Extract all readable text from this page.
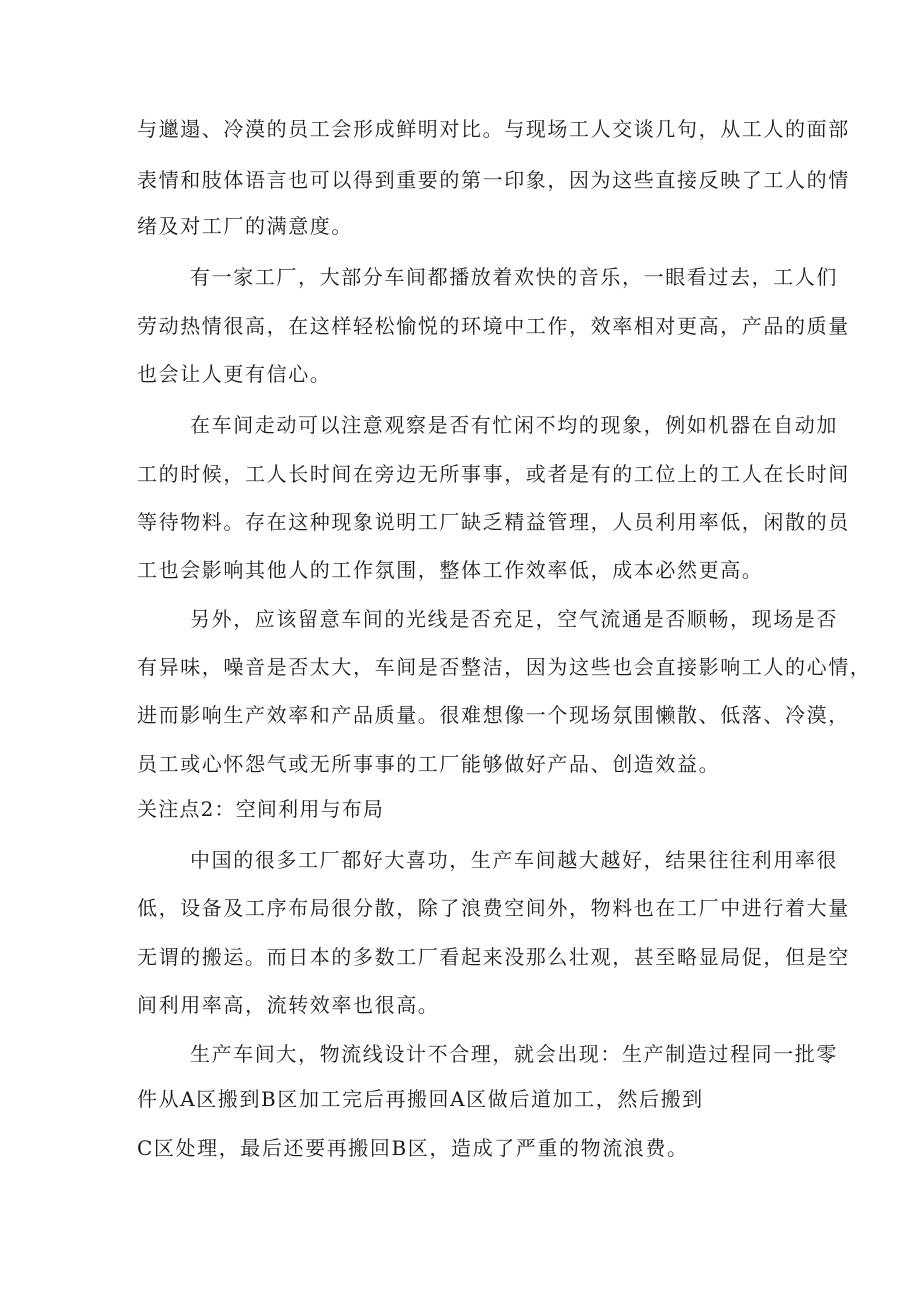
与邋遢、冷漠的员工会形成鲜明对比。与现场工人交谈几句，从工人的面部
表情和肢体语言也可以得到重要的第一印象，因为这些直接反映了工人的情
绪及对工厂的满意度。
有一家工厂，大部分车间都播放着欢快的音乐，一眼看过去，工人们
劳动热情很高，在这样轻松愉悦的环境中工作，效率相对更高，产品的质量
也会让人更有信心。
在车间走动可以注意观察是否有忙闲不均的现象，例如机器在自动加
工的时候，工人长时间在旁边无所事事，或者是有的工位上的工人在长时间
等待物料。存在这种现象说明工厂缺乏精益管理，人员利用率低，闲散的员
工也会影响其他人的工作氛围，整体工作效率低，成本必然更高。
另外，应该留意车间的光线是否充足，空气流通是否顺畅，现场是否
有异味，噪音是否太大，车间是否整洁，因为这些也会直接影响工人的心情，
进而影响生产效率和产品质量。很难想像一个现场氛围懒散、低落、冷漠，
员工或心怀怨气或无所事事的工厂能够做好产品、创造效益。
关注点2：空间利用与布局
中国的很多工厂都好大喜功，生产车间越大越好，结果往往利用率很
低，设备及工序布局很分散，除了浪费空间外，物料也在工厂中进行着大量
无谓的搬运。而日本的多数工厂看起来没那么壮观，甚至略显局促，但是空
间利用率高，流转效率也很高。
生产车间大，物流线设计不合理，就会出现：生产制造过程同一批零
件从A区搬到B区加工完后再搬回A区做后道加工，然后搬到
C区处理，最后还要再搬回B区，造成了严重的物流浪费。
